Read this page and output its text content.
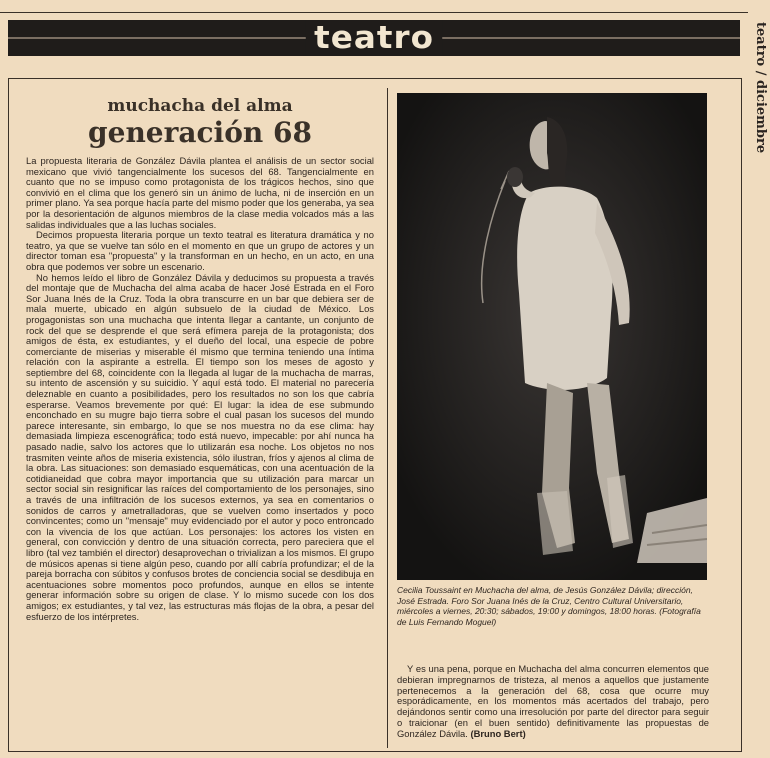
teatro	teatro / diciembre
muchacha del alma
generación 68

La propuesta literaria de González Dávila plantea el análisis de un sector social mexicano que vivió tangencialmente los sucesos del 68. Tangencialmente en cuanto que no se impuso como protagonista de los trágicos hechos, sino que convivió en el clima que los generó sin un ánimo de lucha, ni de inserción en un primer plano. Ya sea porque hacía parte del mismo poder que los generaba, ya sea por la desorientación de algunos miembros de la clase media volcados más a las salidas individuales que a las luchas sociales.

Decimos propuesta literaria porque un texto teatral es literatura dramática y no teatro, ya que se vuelve tan sólo en el momento en que un grupo de actores y un director toman esa "propuesta" y la transforman en un hecho, en un acto, en una obra que podemos ver sobre un escenario.

No hemos leído el libro de González Dávila y deducimos su propuesta a través del montaje que de Muchacha del alma acaba de hacer José Estrada en el Foro Sor Juana Inés de la Cruz. Toda la obra transcurre en un bar que debiera ser de mala muerte, ubicado en algún subsuelo de la ciudad de México. Los progagonistas son una muchacha que intenta llegar a cantante, un conjunto de rock del que se desprende el que será efímera pareja de la protagonista; dos amigos de ésta, ex estudiantes, y el dueño del local, una especie de pobre comerciante de miserias y miserable él mismo que termina teniendo una íntima relación con la aspirante a estrella. El tiempo son los meses de agosto y septiembre del 68, coincidente con la llegada al lugar de la muchacha de marras, su intento de ascensión y su suicidio. Y aquí está todo. El material no parecería deleznable en cuanto a posibilidades, pero los resultados no son los que cabría esperarse. Veamos brevemente por qué: El lugar: la idea de ese submundo enconchado en su mugre bajo tierra sobre el cual pasan los sucesos del mundo parece interesante, sin embargo, lo que se nos muestra no da ese clima: hay demasiada limpieza escenográfica; todo está nuevo, impecable: por ahí nunca ha pasado nadie, salvo los actores que lo utilizarán esa noche. Los objetos no nos trasmiten veinte años de miseria existencia, sólo ilustran, fríos y ajenos al clima de la obra. Las situaciones: son demasiado esquemáticas, con una acentuación de la cotidianeidad que cobra mayor importancia que su utilización para marcar un sector social sin resignificar las raíces del comportamiento de los personajes, sino a través de una infiltración de los sucesos externos, ya sea en comentarios o sonidos de carros y ametralladoras, que se vuelven como insertados y poco convincentes; como un "mensaje" muy evidenciado por el autor y poco entroncado con la vivencia de los que actúan. Los personajes: los actores los visten en general, con convicción y dentro de una situación correcta, pero pareciera que el libro (tal vez también el director) desaprovechan o trivializan a los mismos. El grupo de músicos apenas si tiene algún peso, cuando por allí cabría profundizar; el de la pareja borracha con súbitos y confusos brotes de conciencia social se desdibuja en acentuaciones sobre momentos poco profundos, aunque en ellos se intente generar información sobre su origen de clase. Y lo mismo sucede con los dos amigos; ex estudiantes, y tal vez, las estructuras más flojas de la obra, a pesar del esfuerzo de los intérpretes.

Cecilia Toussaint en Muchacha del alma, de Jesús González Dávila; dirección, José Estrada. Foro Sor Juana Inés de la Cruz, Centro Cultural Universitario, miércoles a viernes, 20:30; sábados, 19:00 y domingos, 18:00 horas. (Fotografía de Luis Fernando Moguel)

Y es una pena, porque en Muchacha del alma concurren elementos que debieran impregnarnos de tristeza, al menos a aquellos que justamente pertenecemos a la generación del 68, cosa que ocurre muy esporádicamente, en los momentos más acertados del trabajo, pero dejándonos sentir como una irresolución por parte del director para seguir o traicionar (en el buen sentido) definitivamente las propuestas de González Dávila. (Bruno Bert)
